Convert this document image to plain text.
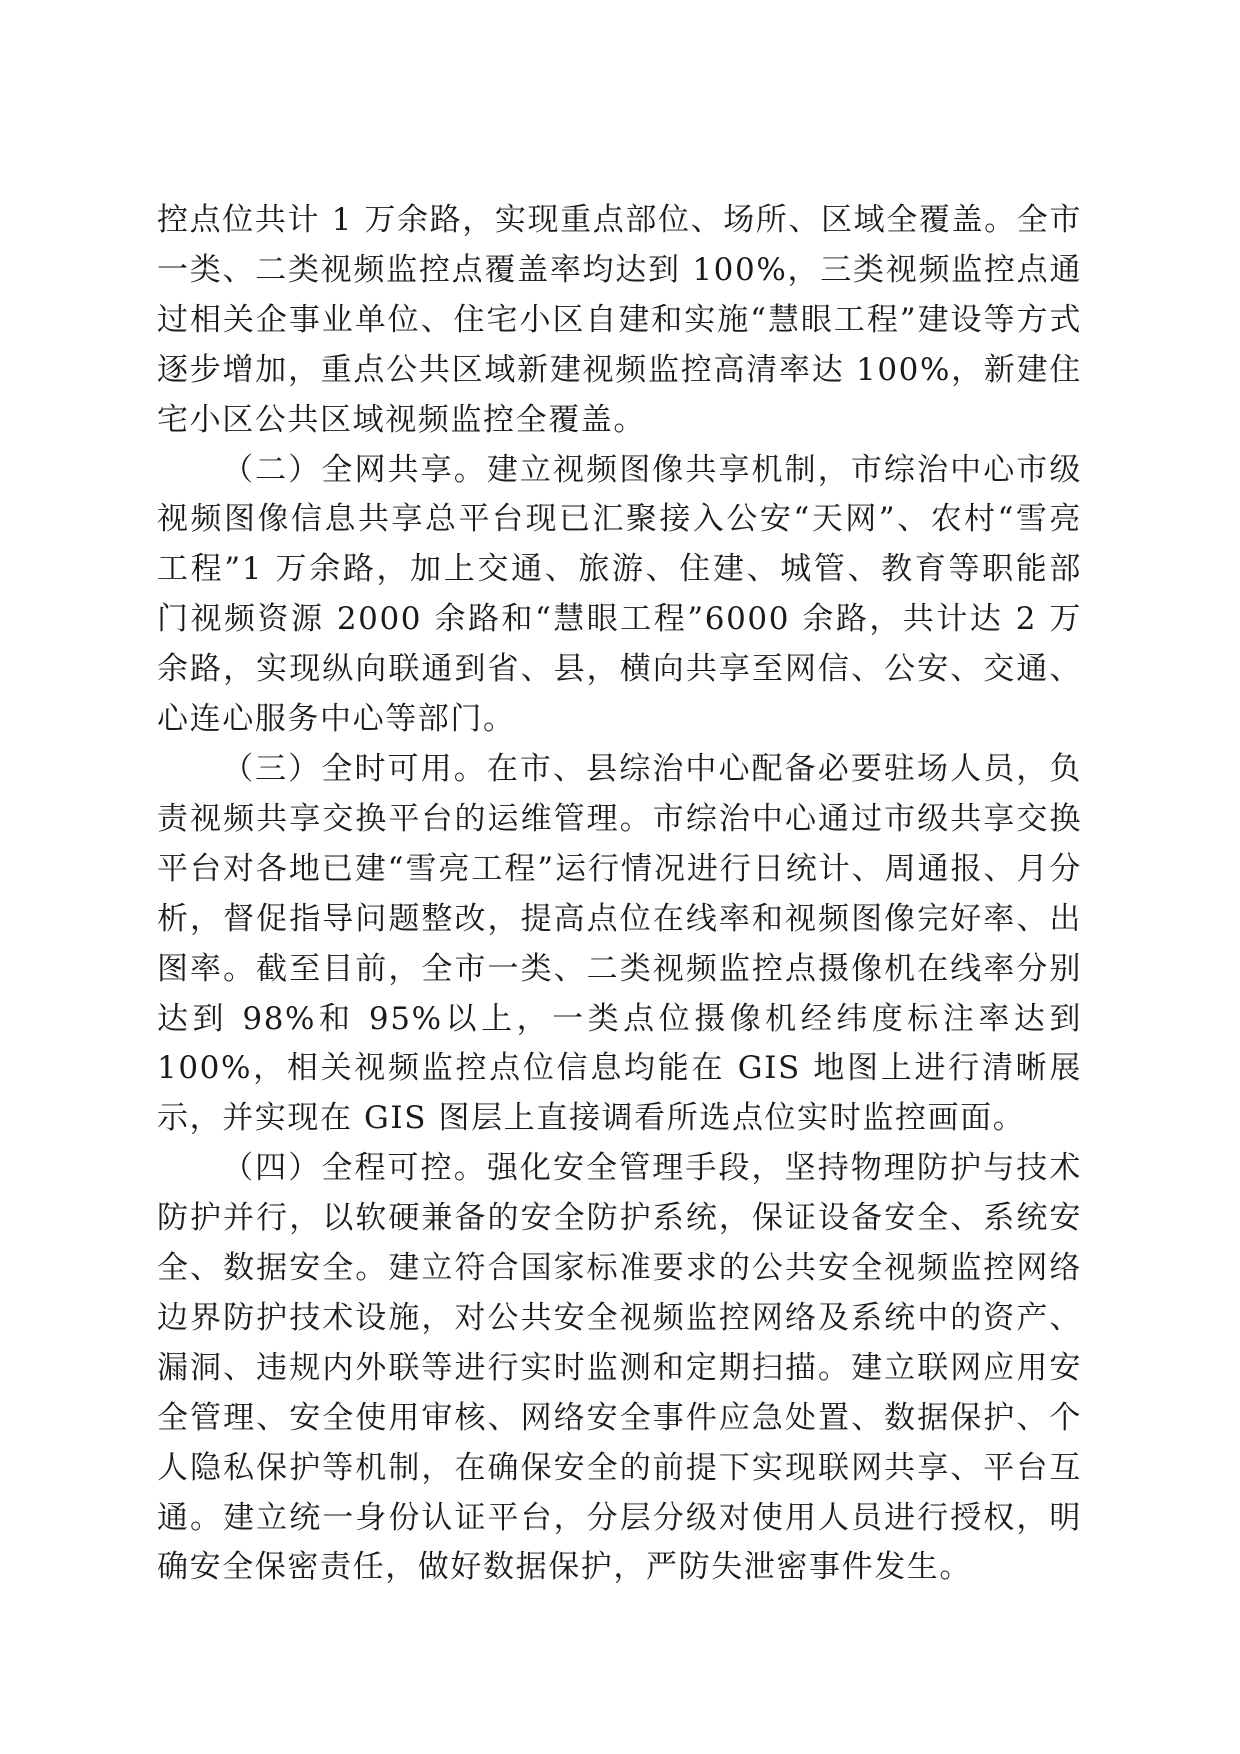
控点位共计 1 万余路，实现重点部位、场所、区域全覆盖。全市一类、二类视频监控点覆盖率均达到 100%，三类视频监控点通过相关企事业单位、住宅小区自建和实施“慧眼工程”建设等方式逐步增加，重点公共区域新建视频监控高清率达 100%，新建住宅小区公共区域视频监控全覆盖。

（二）全网共享。建立视频图像共享机制，市综治中心市级视频图像信息共享总平台现已汇聚接入公安“天网”、农村“雪亮工程”1 万余路，加上交通、旅游、住建、城管、教育等职能部门视频资源 2000 余路和“慧眼工程”6000 余路，共计达 2 万余路，实现纵向联通到省、县，横向共享至网信、公安、交通、心连心服务中心等部门。

（三）全时可用。在市、县综治中心配备必要驻场人员，负责视频共享交换平台的运维管理。市综治中心通过市级共享交换平台对各地已建“雪亮工程”运行情况进行日统计、周通报、月分析，督促指导问题整改，提高点位在线率和视频图像完好率、出图率。截至目前，全市一类、二类视频监控点摄像机在线率分别达到 98%和 95%以上，一类点位摄像机经纬度标注率达到 100%，相关视频监控点位信息均能在 GIS 地图上进行清晰展示，并实现在 GIS 图层上直接调看所选点位实时监控画面。

（四）全程可控。强化安全管理手段，坚持物理防护与技术防护并行，以软硬兼备的安全防护系统，保证设备安全、系统安全、数据安全。建立符合国家标准要求的公共安全视频监控网络边界防护技术设施，对公共安全视频监控网络及系统中的资产、漏洞、违规内外联等进行实时监测和定期扫描。建立联网应用安全管理、安全使用审核、网络安全事件应急处置、数据保护、个人隐私保护等机制，在确保安全的前提下实现联网共享、平台互通。建立统一身份认证平台，分层分级对使用人员进行授权，明确安全保密责任，做好数据保护，严防失泄密事件发生。
